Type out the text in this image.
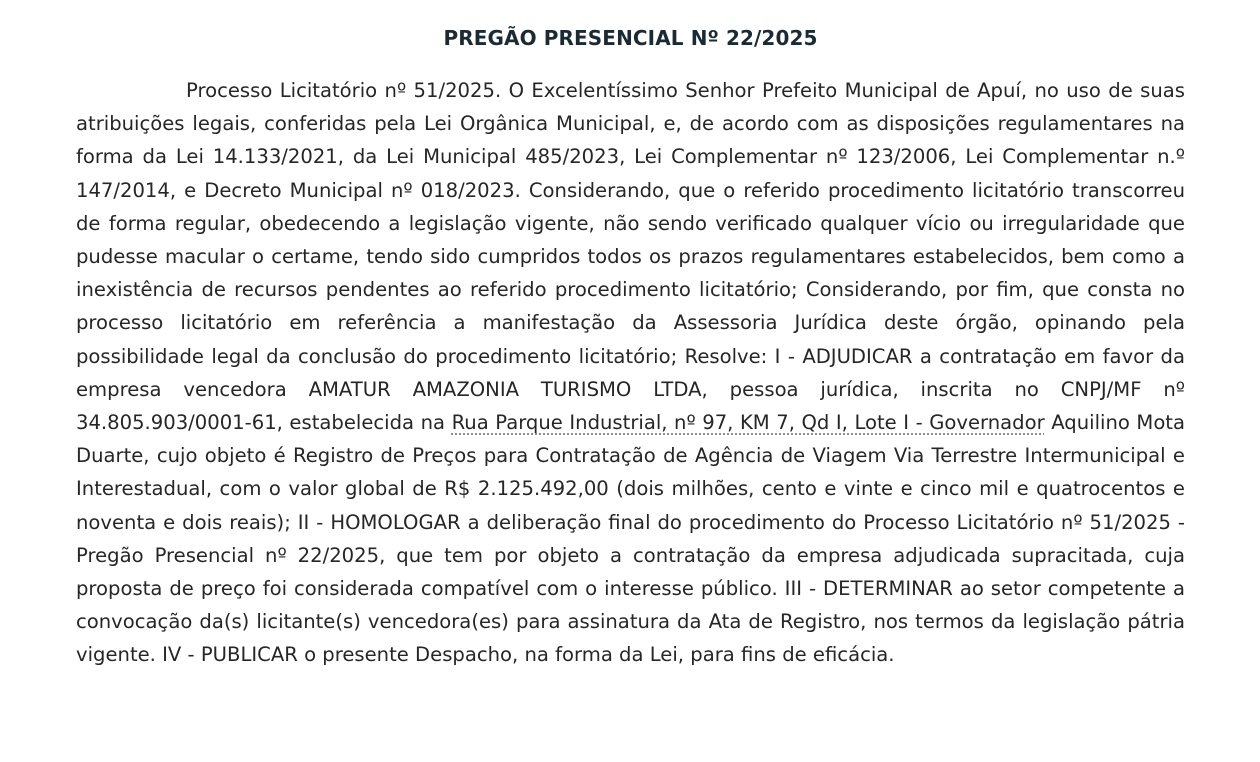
PREGÃO PRESENCIAL Nº 22/2025

Processo Licitatório nº 51/2025. O Excelentíssimo Senhor Prefeito Municipal de Apuí, no uso de suas atribuições legais, conferidas pela Lei Orgânica Municipal, e, de acordo com as disposições regulamentares na forma da Lei 14.133/2021, da Lei Municipal 485/2023, Lei Complementar nº 123/2006, Lei Complementar n.º 147/2014, e Decreto Municipal nº 018/2023. Considerando, que o referido procedimento licitatório transcorreu de forma regular, obedecendo a legislação vigente, não sendo verificado qualquer vício ou irregularidade que pudesse macular o certame, tendo sido cumpridos todos os prazos regulamentares estabelecidos, bem como a inexistência de recursos pendentes ao referido procedimento licitatório; Considerando, por fim, que consta no processo licitatório em referência a manifestação da Assessoria Jurídica deste órgão, opinando pela possibilidade legal da conclusão do procedimento licitatório; Resolve: I - ADJUDICAR a contratação em favor da empresa vencedora AMATUR AMAZONIA TURISMO LTDA, pessoa jurídica, inscrita no CNPJ/MF nº 34.805.903/0001-61, estabelecida na Rua Parque Industrial, nº 97, KM 7, Qd I, Lote I - Governador Aquilino Mota Duarte, cujo objeto é Registro de Preços para Contratação de Agência de Viagem Via Terrestre Intermunicipal e Interestadual, com o valor global de R$ 2.125.492,00 (dois milhões, cento e vinte e cinco mil e quatrocentos e noventa e dois reais); II - HOMOLOGAR a deliberação final do procedimento do Processo Licitatório nº 51/2025 - Pregão Presencial nº 22/2025, que tem por objeto a contratação da empresa adjudicada supracitada, cuja proposta de preço foi considerada compatível com o interesse público. III - DETERMINAR ao setor competente a convocação da(s) licitante(s) vencedora(es) para assinatura da Ata de Registro, nos termos da legislação pátria vigente. IV - PUBLICAR o presente Despacho, na forma da Lei, para fins de eficácia.
